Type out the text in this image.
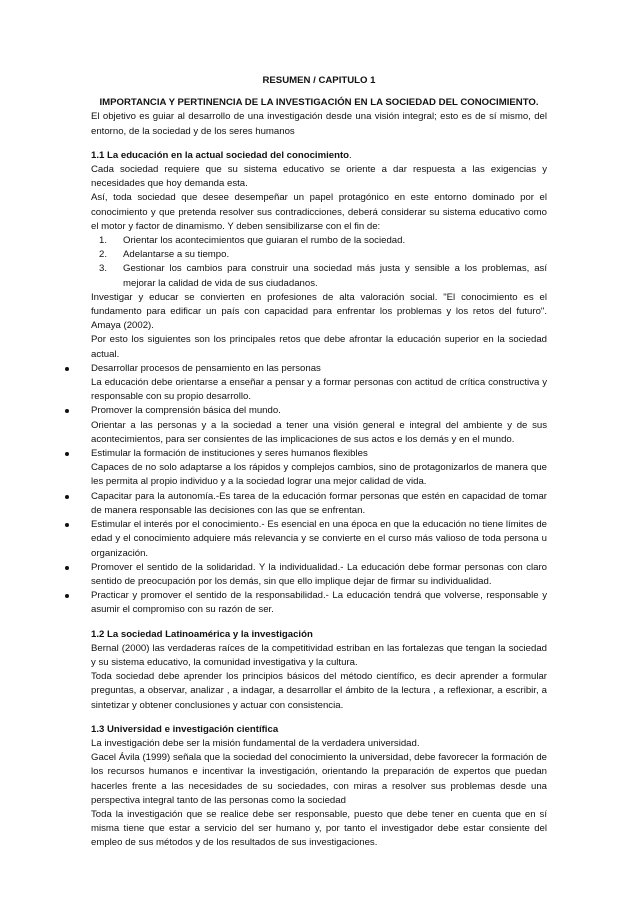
RESUMEN / CAPITULO 1

IMPORTANCIA Y PERTINENCIA DE LA INVESTIGACIÓN EN LA SOCIEDAD DEL CONOCIMIENTO.

El objetivo es guiar al desarrollo de una investigación desde una visión integral; esto es de sí mismo, del entorno, de la sociedad y de los seres humanos

1.1 La educación en la actual sociedad del conocimiento.

Cada sociedad requiere que su sistema educativo se oriente a dar respuesta a las exigencias y necesidades que hoy demanda esta.

Así, toda sociedad que desee desempeñar un papel protagónico en este entorno dominado por el conocimiento y que pretenda resolver sus contradicciones, deberá considerar su sistema educativo como el motor y factor de dinamismo. Y deben sensibilizarse con el fin de:

1.	Orientar los acontecimientos que guiaran el rumbo de la sociedad.
2.	Adelantarse a su tiempo.
3.	Gestionar los cambios para construir una sociedad más justa y sensible a los problemas, así mejorar la calidad de vida de sus ciudadanos.

Investigar y educar se convierten en profesiones de alta valoración social. "El conocimiento es el fundamento para edificar un país con capacidad para enfrentar los problemas y los retos del futuro". Amaya (2002).

Por esto los siguientes son los principales retos que debe afrontar la educación superior en la sociedad actual.

Desarrollar procesos de pensamiento en las personas

La educación debe orientarse a enseñar a pensar y a formar personas con actitud de crítica constructiva y responsable con su propio desarrollo.

Promover la comprensión básica del mundo.

Orientar a las personas y a la sociedad a tener una visión general e integral del ambiente y de sus acontecimientos, para ser consientes de las implicaciones de sus actos e los demás y en el mundo.

Estimular la formación de instituciones y seres humanos flexibles

Capaces de no solo adaptarse a los rápidos y complejos cambios, sino de protagonizarlos de manera que les permita al propio individuo y a la sociedad lograr una mejor calidad de vida.

Capacitar para la autonomía.-Es tarea de la educación formar personas que estén en capacidad de tomar de manera responsable las decisiones con las que se enfrentan.

Estimular el interés por el conocimiento.- Es esencial en una época en que la educación no tiene límites de edad y el conocimiento adquiere más relevancia y se convierte en el curso más valioso de toda persona u organización.

Promover el sentido de la solidaridad. Y la individualidad.- La educación debe formar personas con claro sentido de preocupación por los demás, sin que ello implique dejar de firmar su individualidad.

Practicar y promover el sentido de la responsabilidad.- La educación tendrá que volverse, responsable y asumir el compromiso con su razón de ser.

1.2 La sociedad Latinoamérica y la investigación

Bernal (2000) las verdaderas raíces de la competitividad estriban en las fortalezas que tengan la sociedad y su sistema educativo, la comunidad investigativa y la cultura.

Toda sociedad debe aprender los principios básicos del método científico, es decir aprender a formular preguntas, a observar, analizar , a indagar, a desarrollar el ámbito de la lectura , a reflexionar, a escribir, a sintetizar y obtener conclusiones y actuar con consistencia.

1.3 Universidad e investigación científica

La investigación debe ser la misión fundamental de la verdadera universidad.

Gacel Ávila (1999) señala que la sociedad del conocimiento la universidad, debe favorecer la formación de los recursos humanos e incentivar la investigación, orientando la preparación de expertos que puedan hacerles frente a las necesidades de su sociedades, con miras a resolver sus problemas desde una perspectiva integral tanto de las personas como la sociedad

Toda la investigación que se realice debe ser responsable, puesto que debe tener en cuenta que en sí misma tiene que estar a servicio del ser humano y, por tanto el investigador debe estar consiente del empleo de sus métodos y de los resultados de sus investigaciones.
